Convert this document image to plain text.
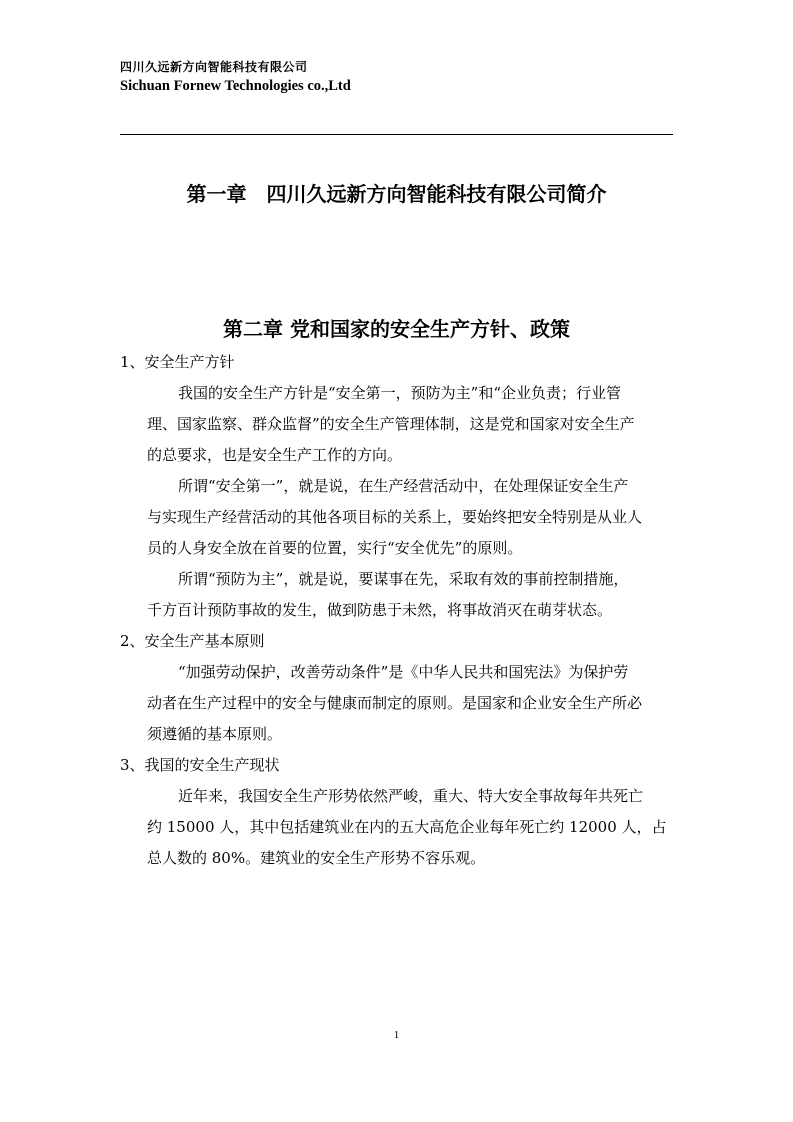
四川久远新方向智能科技有限公司
Sichuan Fornew Technologies co.,Ltd
第一章　四川久远新方向智能科技有限公司简介
第二章 党和国家的安全生产方针、政策
1、安全生产方针
我国的安全生产方针是“安全第一，预防为主”和“企业负责；行业管
理、国家监察、群众监督”的安全生产管理体制，这是党和国家对安全生产
的总要求，也是安全生产工作的方向。
所谓“安全第一”，就是说，在生产经营活动中，在处理保证安全生产
与实现生产经营活动的其他各项目标的关系上，要始终把安全特别是从业人
员的人身安全放在首要的位置，实行“安全优先”的原则。
所谓“预防为主”，就是说，要谋事在先，采取有效的事前控制措施，
千方百计预防事故的发生，做到防患于未然，将事故消灭在萌芽状态。
2、安全生产基本原则
“加强劳动保护，改善劳动条件”是《中华人民共和国宪法》为保护劳
动者在生产过程中的安全与健康而制定的原则。是国家和企业安全生产所必
须遵循的基本原则。
3、我国的安全生产现状
近年来，我国安全生产形势依然严峻，重大、特大安全事故每年共死亡
约 15000 人，其中包括建筑业在内的五大高危企业每年死亡约 12000 人，占
总人数的 80%。建筑业的安全生产形势不容乐观。
1
